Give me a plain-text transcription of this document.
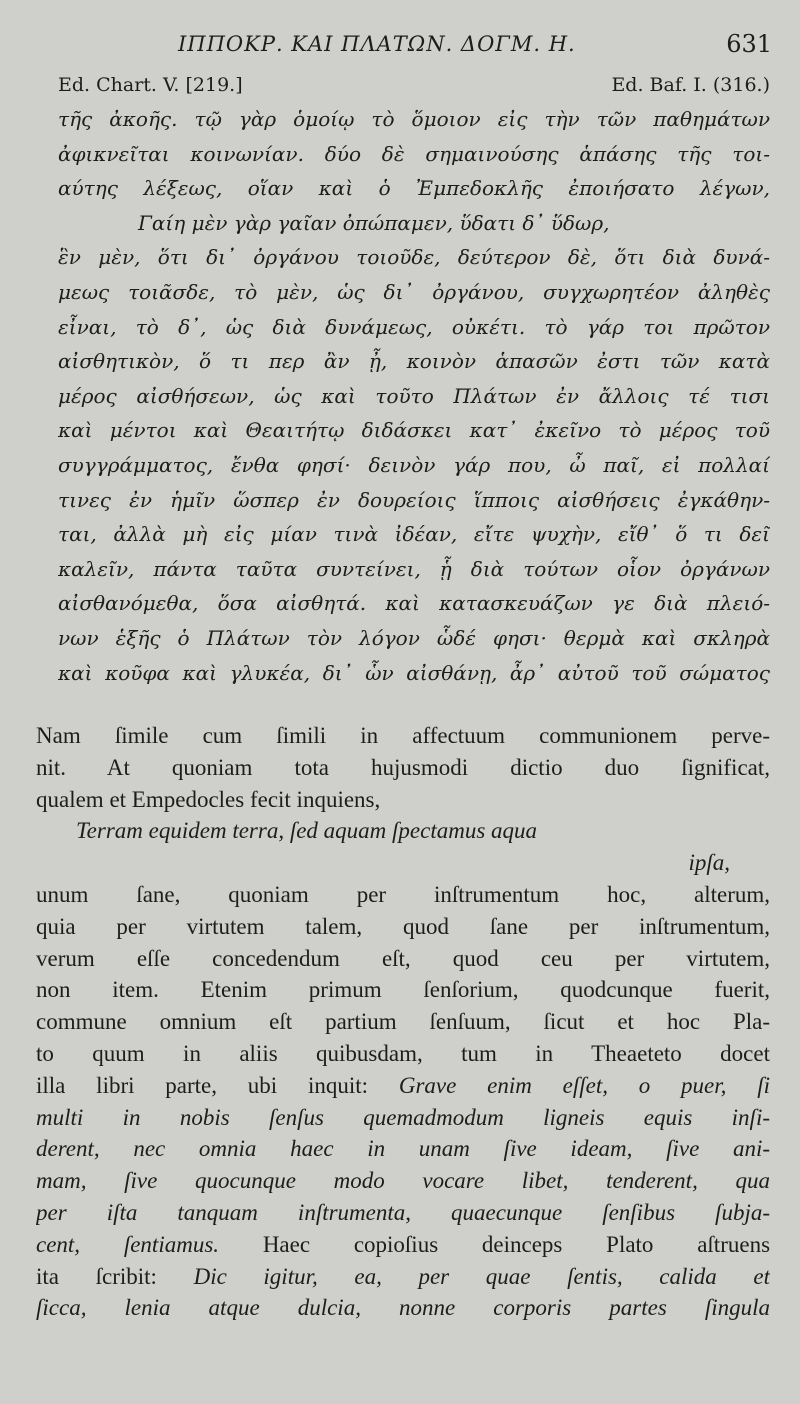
ΙΠΠΟΚΡ. ΚΑΙ ΠΛΑΤΩΝ. ΔΟΓΜ. Η.	631
Ed. Chart. V. [219.]	Ed. Baf. I. (316.)
τῆς ἀκοῆς. τῷ γὰρ ὁμοίῳ τὸ ὅμοιον εἰς τὴν τῶν παθημάτων
ἀφικνεῖται κοινωνίαν. δύο δὲ σημαινούσης ἁπάσης τῆς τοι-
αύτης λέξεως, οἵαν καὶ ὁ Ἐμπεδοκλῆς ἐποιήσατο λέγων,
Γαίη μὲν γὰρ γαῖαν ὀπώπαμεν, ὕδατι δ᾽ ὕδωρ,
ἓν μὲν, ὅτι δι᾽ ὀργάνου τοιοῦδε, δεύτερον δὲ, ὅτι διὰ δυνά-
μεως τοιᾶσδε, τὸ μὲν, ὡς δι᾽ ὀργάνου, συγχωρητέον ἀληθὲς
εἶναι, τὸ δ᾽, ὡς διὰ δυνάμεως, οὐκέτι. τὸ γάρ τοι πρῶτον
αἰσθητικὸν, ὅ τι περ ἂν ᾖ, κοινὸν ἁπασῶν ἐστι τῶν κατὰ
μέρος αἰσθήσεων, ὡς καὶ τοῦτο Πλάτων ἐν ἄλλοις τέ τισι
καὶ μέντοι καὶ Θεαιτήτῳ διδάσκει κατ᾽ ἐκεῖνο τὸ μέρος τοῦ
συγγράμματος, ἔνθα φησί· δεινὸν γάρ που, ὦ παῖ, εἰ πολλαί
τινες ἐν ἡμῖν ὥσπερ ἐν δουρείοις ἵπποις αἰσθήσεις ἐγκάθην-
ται, ἀλλὰ μὴ εἰς μίαν τινὰ ἰδέαν, εἴτε ψυχὴν, εἴθ᾽ ὅ τι δεῖ
καλεῖν, πάντα ταῦτα συντείνει, ᾗ διὰ τούτων οἷον ὀργάνων
αἰσθανόμεθα, ὅσα αἰσθητά. καὶ κατασκευάζων γε διὰ πλειό-
νων ἑξῆς ὁ Πλάτων τὸν λόγον ὧδέ φησι· θερμὰ καὶ σκληρὰ
καὶ κοῦφα καὶ γλυκέα, δι᾽ ὧν αἰσθάνῃ, ἆρ᾽ αὐτοῦ τοῦ σώματος
Nam ſimile cum ſimili in affectuum communionem perve-
nit. At quoniam tota hujusmodi dictio duo ſignificat,
qualem et Empedocles fecit inquiens,
Terram equidem terra, ſed aquam ſpectamus aqua
ipſa,
unum ſane, quoniam per inſtrumentum hoc, alterum,
quia per virtutem talem, quod ſane per inſtrumentum,
verum eſſe concedendum eſt, quod ceu per virtutem,
non item. Etenim primum ſenſorium, quodcunque fuerit,
commune omnium eſt partium ſenſuum, ſicut et hoc Pla-
to quum in aliis quibusdam, tum in Theaeteto docet
illa libri parte, ubi inquit: Grave enim eſſet, o puer, ſi
multi in nobis ſenſus quemadmodum ligneis equis inſi-
derent, nec omnia haec in unam ſive ideam, ſive ani-
mam, ſive quocunque modo vocare libet, tenderent, qua
per iſta tanquam inſtrumenta, quaecunque ſenſibus ſubja-
cent, ſentiamus. Haec copioſius deinceps Plato aſtruens
ita ſcribit: Dic igitur, ea, per quae ſentis, calida et
ſicca, lenia atque dulcia, nonne corporis partes ſingula
